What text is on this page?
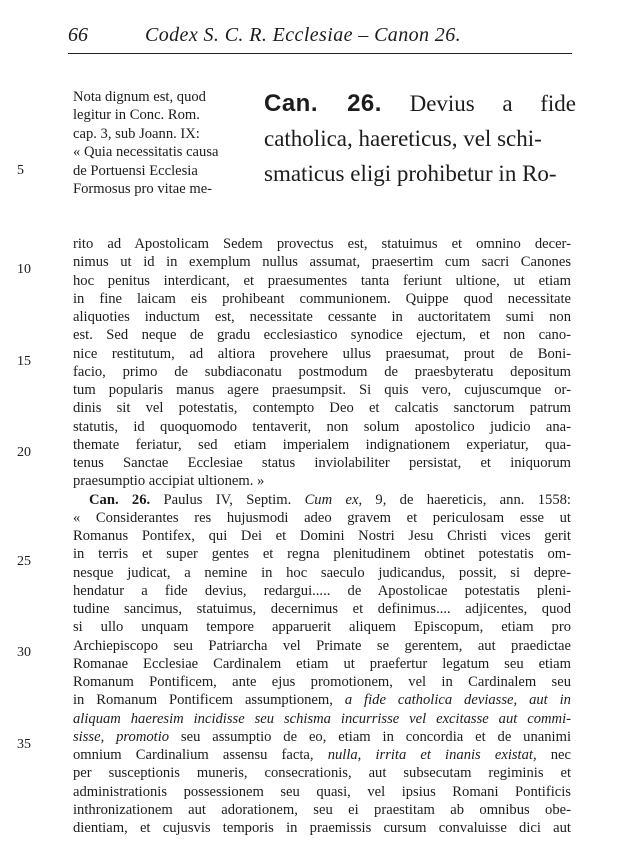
66	Codex S. C. R. Ecclesiae – Canon 26.
Nota dignum est, quod
legitur in Conc. Rom.
cap. 3, sub Joann. IX:
« Quia necessitatis causa
de Portuensi Ecclesia
Formosus pro vitae me-
Can. 26. Devius a fide
catholica, haereticus, vel schi-
smaticus eligi prohibetur in Ro-
rito ad Apostolicam Sedem provectus est, statuimus et omnino decer-
nimus ut id in exemplum nullus assumat, praesertim cum sacri Canones
hoc penitus interdicant, et praesumentes tanta feriunt ultione, ut etiam
in fine laicam eis prohibeant communionem. Quippe quod necessitate
aliquoties inductum est, necessitate cessante in auctoritatem sumi non
est. Sed neque de gradu ecclesiastico synodice ejectum, et non cano-
nice restitutum, ad altiora provehere ullus praesumat, prout de Boni-
facio, primo de subdiaconatu postmodum de praesbyteratu depositum
tum popularis manus agere praesumpsit. Si quis vero, cujuscumque or-
dinis sit vel potestatis, contempto Deo et calcatis sanctorum patrum
statutis, id quoquomodo tentaverit, non solum apostolico judicio ana-
themate feriatur, sed etiam imperialem indignationem experiatur, qua-
tenus Sanctae Ecclesiae status inviolabiliter persistat, et iniquorum
praesumptio accipiat ultionem. »
Can. 26. Paulus IV, Septim. Cum ex, 9, de haereticis, ann. 1558:
« Considerantes res hujusmodi adeo gravem et periculosam esse ut
Romanus Pontifex, qui Dei et Domini Nostri Jesu Christi vices gerit
in terris et super gentes et regna plenitudinem obtinet potestatis om-
nesque judicat, a nemine in hoc saeculo judicandus, possit, si depre-
hendatur a fide devius, redargui..... de Apostolicae potestatis pleni-
tudine sancimus, statuimus, decernimus et definimus.... adjicentes, quod
si ullo unquam tempore apparuerit aliquem Episcopum, etiam pro
Archiepiscopo seu Patriarcha vel Primate se gerentem, aut praedictae
Romanae Ecclesiae Cardinalem etiam ut praefertur legatum seu etiam
Romanum Pontificem, ante ejus promotionem, vel in Cardinalem seu
in Romanum Pontificem assumptionem, a fide catholica deviasse, aut in
aliquam haeresim incidisse seu schisma incurrisse vel excitasse aut commi-
sisse, promotio seu assumptio de eo, etiam in concordia et de unanimi
omnium Cardinalium assensu facta, nulla, irrita et inanis existat, nec
per susceptionis muneris, consecrationis, aut subsecutam regiminis et
administrationis possessionem seu quasi, vel ipsius Romani Pontificis
inthronizationem aut adorationem, seu ei praestitam ab omnibus obe-
dientiam, et cujusvis temporis in praemissis cursum convaluisse dici aut
5
10
15
20
25
30
35
